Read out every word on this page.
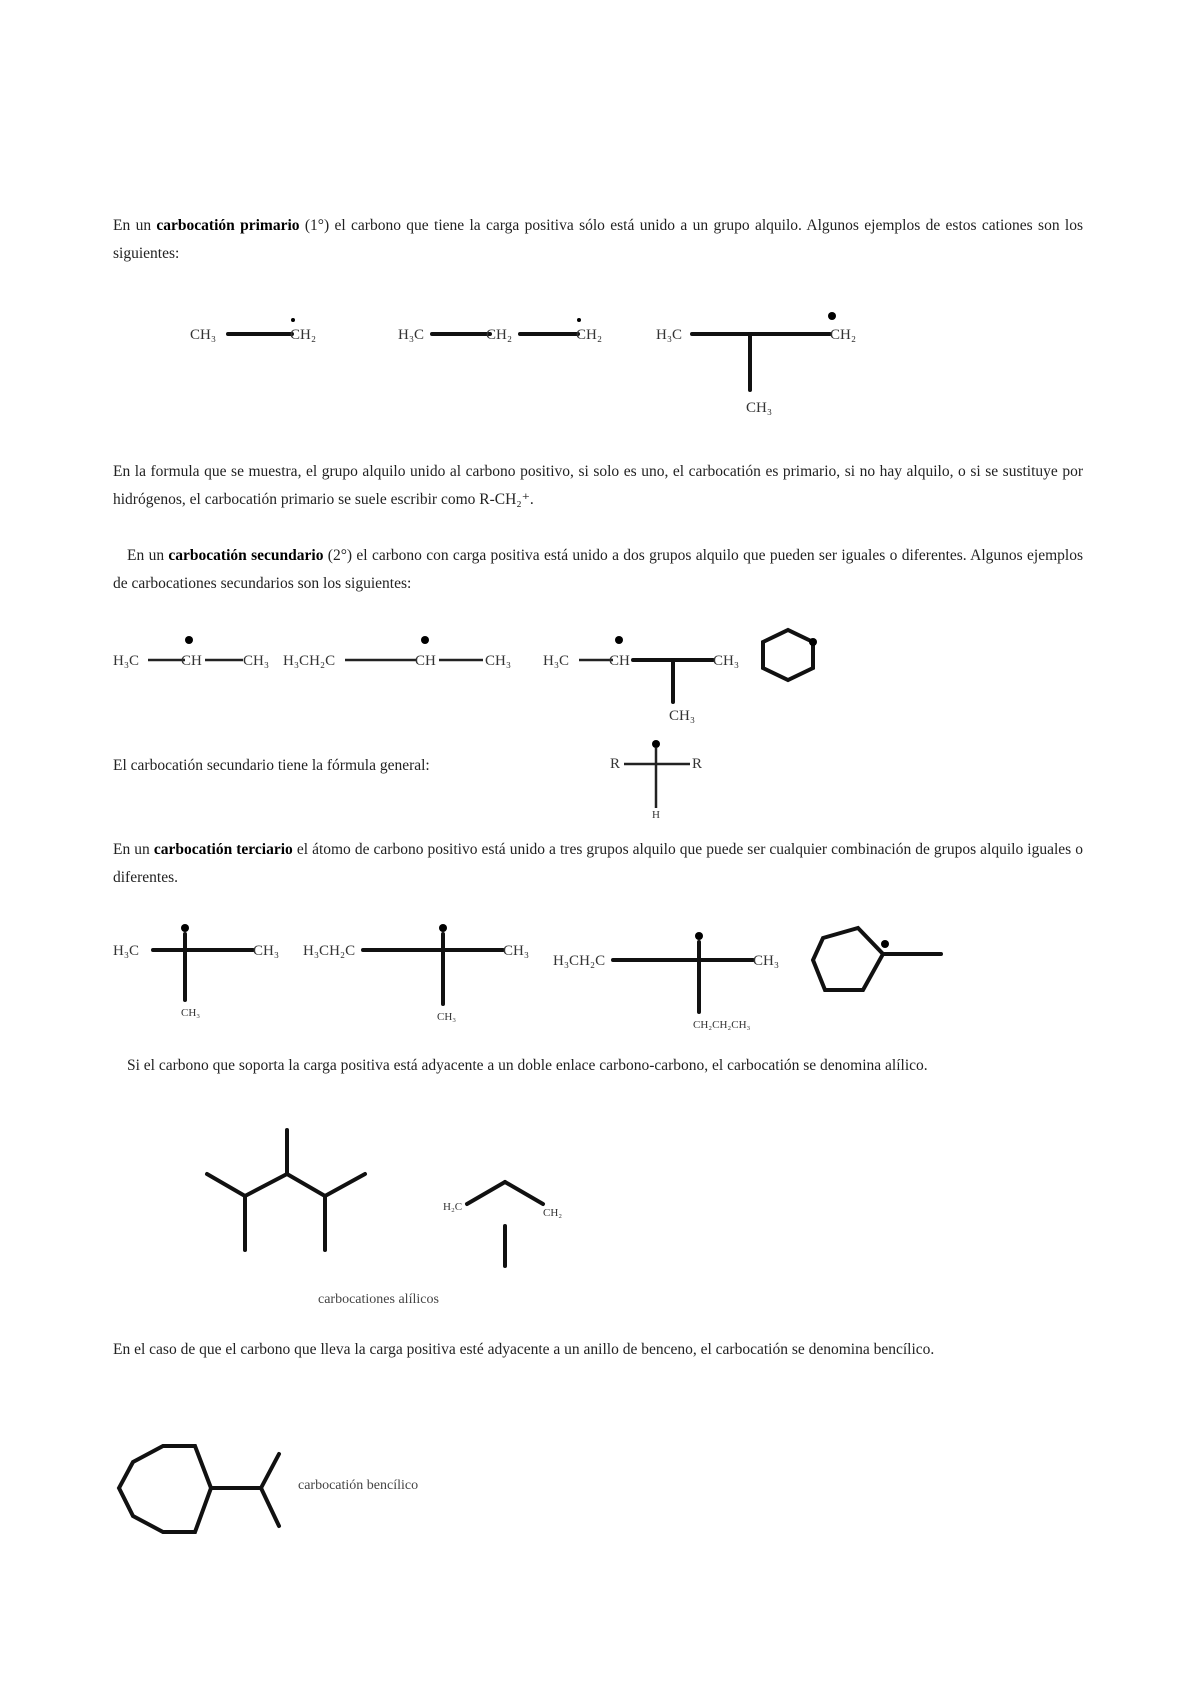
En un carbocatión primario (1°) el carbono que tiene la carga positiva sólo está unido a un grupo alquilo. Algunos ejemplos de estos cationes son los siguientes:
CH₃	CH₂	H₃C	CH₂	CH₂	H₃C	CH₂
CH₃
En la formula que se muestra, el grupo alquilo unido al carbono positivo, si solo es uno, el carbocatión es primario, si no hay alquilo, o si se sustituye por hidrógenos, el carbocatión primario se suele escribir como R-CH₂⁺.
En un carbocatión secundario (2°) el carbono con carga positiva está unido a dos grupos alquilo que pueden ser iguales o diferentes. Algunos ejemplos de carbocationes secundarios son los siguientes:
H₃C	CH	CH₃ H₃CH₂C	CH	CH₃ H₃C	CH	CH₃
CH₃
El carbocatión secundario tiene la fórmula general:	R	R
H
En un carbocatión terciario el átomo de carbono positivo está unido a tres grupos alquilo que puede ser cualquier combinación de grupos alquilo iguales o diferentes.
H₃C	CH₃
CH₃
H₃CH₂C	CH₃
CH₃
H₃CH₂C	CH₃
CH₂CH₂CH₃
Si el carbono que soporta la carga positiva está adyacente a un doble enlace carbono-carbono, el carbocatión se denomina alílico.
H₂C	CH₂
carbocationes alílicos
En el caso de que el carbono que lleva la carga positiva esté adyacente a un anillo de benceno, el carbocatión se denomina bencílico.
carbocatión bencílico
